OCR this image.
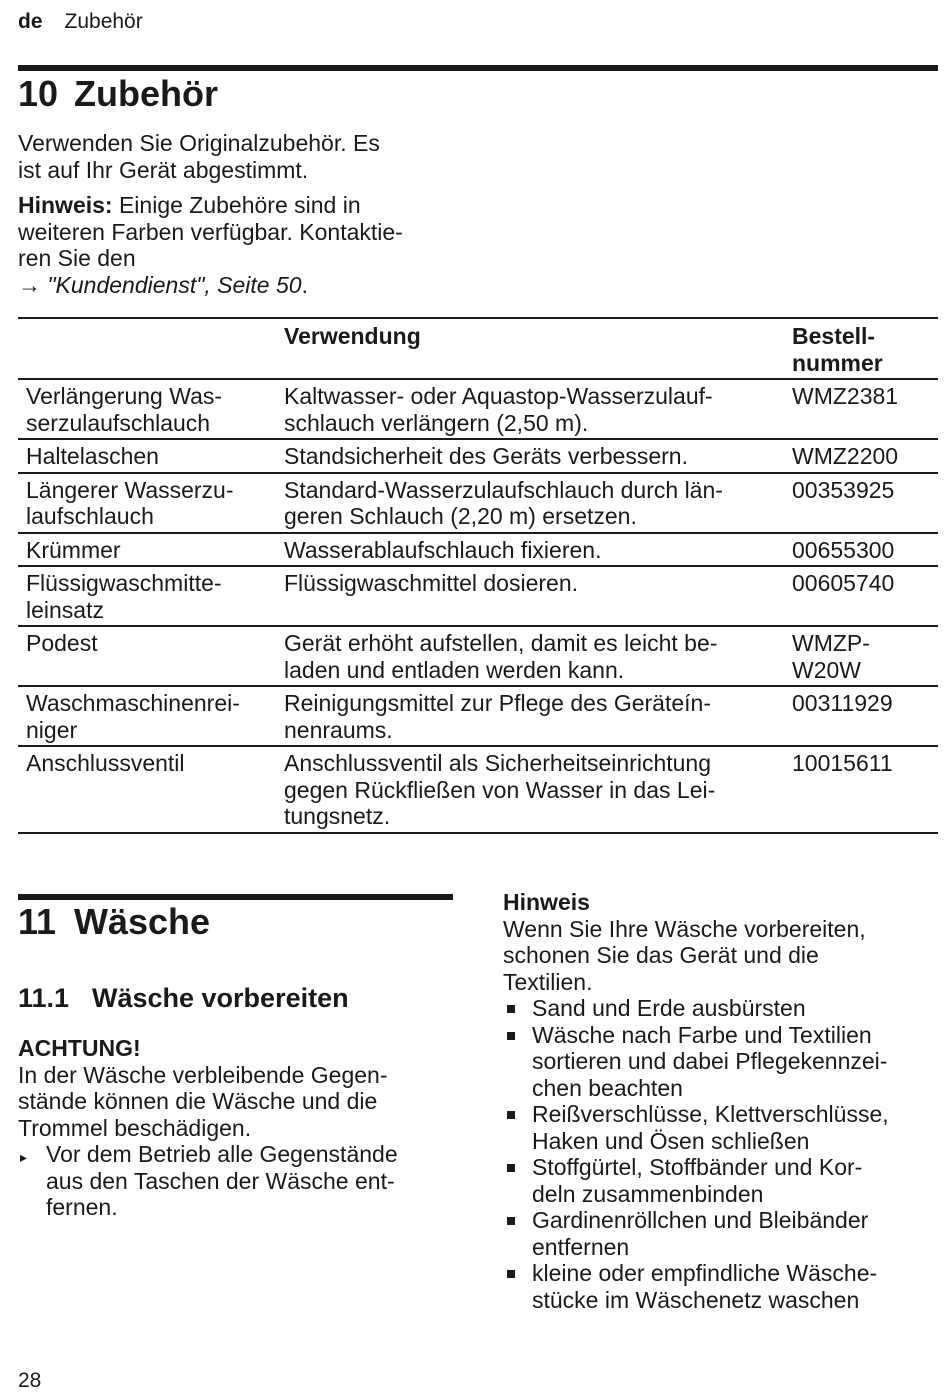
de Zubehör
10 Zubehör

Verwenden Sie Originalzubehör. Es
ist auf Ihr Gerät abgestimmt.

Hinweis: Einige Zubehöre sind in
weiteren Farben verfügbar. Kontaktie-
ren Sie den
→ "Kundendienst", Seite 50.

	Verwendung	Bestell-
nummer
Verlängerung Was-
serzulaufschlauch	Kaltwasser- oder Aquastop-Wasserzulauf-
schlauch verlängern (2,50 m).	WMZ2381
Haltelaschen	Standsicherheit des Geräts verbessern.	WMZ2200
Längerer Wasserzu-
laufschlauch	Standard-Wasserzulaufschlauch durch län-
geren Schlauch (2,20 m) ersetzen.	00353925
Krümmer	Wasserablaufschlauch fixieren.	00655300
Flüssigwaschmitte-
leinsatz	Flüssigwaschmittel dosieren.	00605740
Podest	Gerät erhöht aufstellen, damit es leicht be-
laden und entladen werden kann.	WMZP-
W20W
Waschmaschinenrei-
niger	Reinigungsmittel zur Pflege des Geräteín-
nenraums.	00311929
Anschlussventil	Anschlussventil als Sicherheitseinrichtung
gegen Rückfließen von Wasser in das Lei-
tungsnetz.	10015611
11 Wäsche
11.1 Wäsche vorbereiten

ACHTUNG!
In der Wäsche verbleibende Gegen-
stände können die Wäsche und die
Trommel beschädigen.

▸ Vor dem Betrieb alle Gegenstände
aus den Taschen der Wäsche ent-
fernen.

Hinweis
Wenn Sie Ihre Wäsche vorbereiten,
schonen Sie das Gerät und die
Textilien.

Sand und Erde ausbürsten
Wäsche nach Farbe und Textilien
sortieren und dabei Pflegekennzei-
chen beachten
Reißverschlüsse, Klettverschlüsse,
Haken und Ösen schließen
Stoffgürtel, Stoffbänder und Kor-
deln zusammenbinden
Gardinenröllchen und Bleibänder
entfernen
kleine oder empfindliche Wäsche-
stücke im Wäschenetz waschen
28
